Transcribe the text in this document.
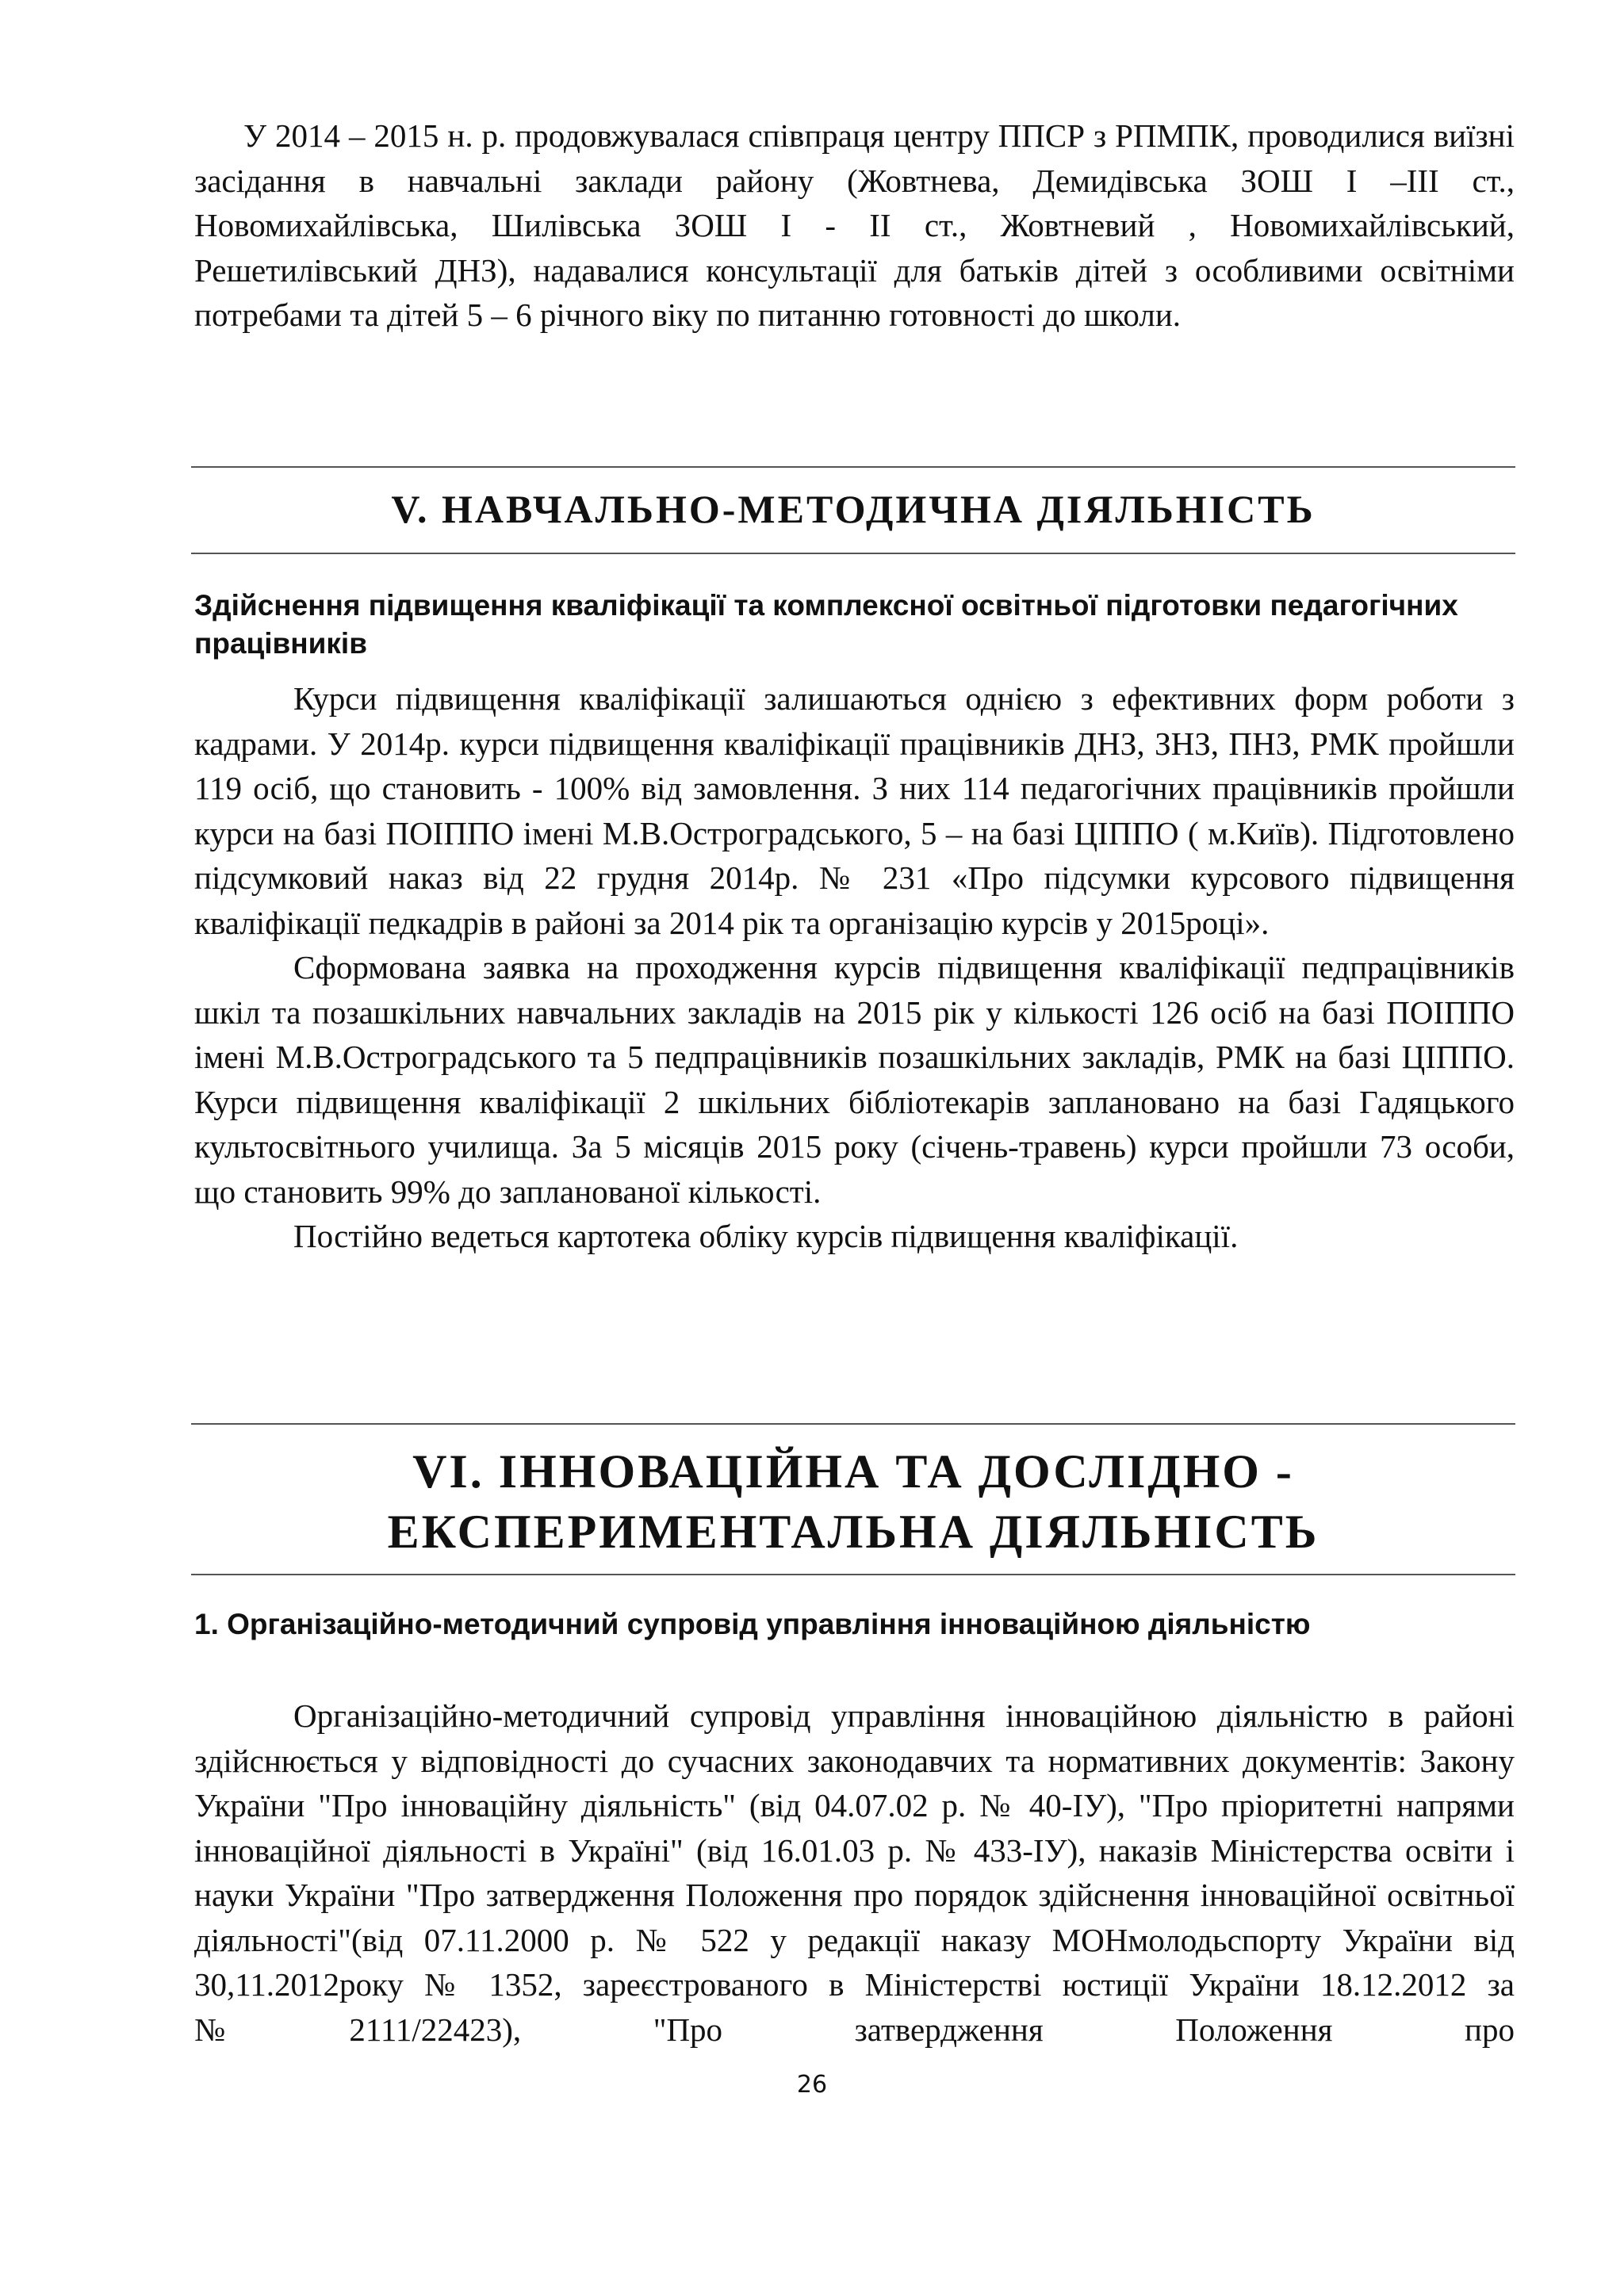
У 2014 – 2015 н. р. продовжувалася співпраця центру ППСР з РПМПК, проводилися виїзні засідання в навчальні заклади району (Жовтнева, Демидівська ЗОШ І –ІІІ ст., Новомихайлівська, Шилівська ЗОШ І - ІІ ст., Жовтневий , Новомихайлівський, Решетилівський ДНЗ), надавалися консультації для батьків дітей з особливими освітніми потребами та дітей 5 – 6 річного віку по питанню готовності до школи.

V. НАВЧАЛЬНО-МЕТОДИЧНА ДІЯЛЬНІСТЬ
Здійснення підвищення кваліфікації та комплексної освітньої підготовки педагогічних працівників

Курси підвищення кваліфікації залишаються однією з ефективних форм роботи з кадрами. У 2014р. курси підвищення кваліфікації працівників ДНЗ, ЗНЗ, ПНЗ, РМК пройшли 119 осіб, що становить - 100% від замовлення. З них 114 педагогічних працівників пройшли курси на базі ПОІППО імені М.В.Остроградського, 5 – на базі ЦІППО ( м.Київ). Підготовлено підсумковий наказ від 22 грудня 2014р. № 231 «Про підсумки курсового підвищення кваліфікації педкадрів в районі за 2014 рік та організацію курсів у 2015році».

Сформована заявка на проходження курсів підвищення кваліфікації педпрацівників шкіл та позашкільних навчальних закладів на 2015 рік у кількості 126 осіб на базі ПОІППО імені М.В.Остроградського та 5 педпрацівників позашкільних закладів, РМК на базі ЦІППО. Курси підвищення кваліфікації 2 шкільних бібліотекарів заплановано на базі Гадяцького культосвітнього училища. За 5 місяців 2015 року (січень-травень) курси пройшли 73 особи, що становить 99% до запланованої кількості.

Постійно ведеться картотека обліку курсів підвищення кваліфікації.

VI. ІННОВАЦІЙНА ТА ДОСЛІДНО -
ЕКСПЕРИМЕНТАЛЬНА ДІЯЛЬНІСТЬ
1. Організаційно-методичний супровід управління інноваційною діяльністю

Організаційно-методичний супровід управління інноваційною діяльністю в районі здійснюється у відповідності до сучасних законодавчих та нормативних документів: Закону України "Про інноваційну діяльність" (від 04.07.02 р. № 40-ІУ), "Про пріоритетні напрями інноваційної діяльності в Україні" (від 16.01.03 р. № 433-ІУ), наказів Міністерства освіти і науки України "Про затвердження Положення про порядок здійснення інноваційної освітньої діяльності"(від 07.11.2000 р. № 522 у редакції наказу МОНмолодьспорту України від 30,11.2012року № 1352, зареєстрованого в Міністерстві юстиції України 18.12.2012 за №2111/22423), "Про затвердження Положення про

26
